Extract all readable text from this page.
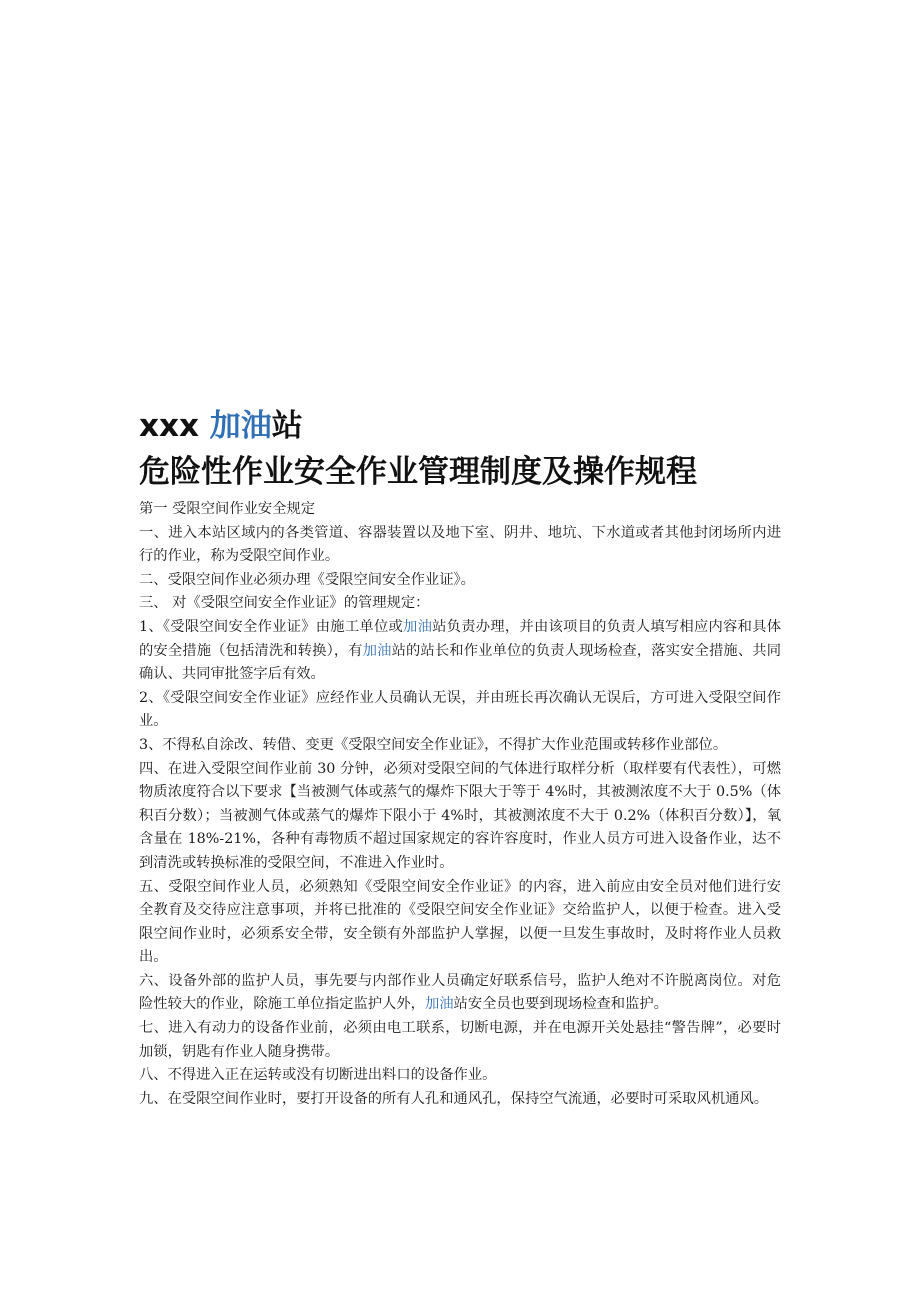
xxx 加油站
危险性作业安全作业管理制度及操作规程

第一 受限空间作业安全规定

一、进入本站区域内的各类管道、容器装置以及地下室、阴井、地坑、下水道或者其他封闭场所内进行的作业，称为受限空间作业。

二、受限空间作业必须办理《受限空间安全作业证》。

三、 对《受限空间安全作业证》的管理规定：

1、《受限空间安全作业证》由施工单位或加油站负责办理，并由该项目的负责人填写相应内容和具体的安全措施（包括清洗和转换），有加油站的站长和作业单位的负责人现场检查，落实安全措施、共同确认、共同审批签字后有效。

2、《受限空间安全作业证》应经作业人员确认无误，并由班长再次确认无误后，方可进入受限空间作业。

3、不得私自涂改、转借、变更《受限空间安全作业证》，不得扩大作业范围或转移作业部位。

四、在进入受限空间作业前 30 分钟，必须对受限空间的气体进行取样分析（取样要有代表性），可燃物质浓度符合以下要求【当被测气体或蒸气的爆炸下限大于等于 4%时，其被测浓度不大于 0.5%（体积百分数）；当被测气体或蒸气的爆炸下限小于 4%时，其被测浓度不大于 0.2%（体积百分数）】，氧含量在 18%-21%，各种有毒物质不超过国家规定的容许容度时，作业人员方可进入设备作业，达不到清洗或转换标准的受限空间，不准进入作业时。

五、受限空间作业人员，必须熟知《受限空间安全作业证》的内容，进入前应由安全员对他们进行安全教育及交待应注意事项，并将已批准的《受限空间安全作业证》交给监护人，以便于检查。进入受限空间作业时，必须系安全带，安全锁有外部监护人掌握，以便一旦发生事故时，及时将作业人员救出。

六、设备外部的监护人员，事先要与内部作业人员确定好联系信号，监护人绝对不许脱离岗位。对危险性较大的作业，除施工单位指定监护人外，加油站安全员也要到现场检查和监护。

七、进入有动力的设备作业前，必须由电工联系，切断电源，并在电源开关处悬挂“警告牌”，必要时加锁，钥匙有作业人随身携带。

八、不得进入正在运转或没有切断进出料口的设备作业。

九、在受限空间作业时，要打开设备的所有人孔和通风孔，保持空气流通，必要时可采取风机通风。
